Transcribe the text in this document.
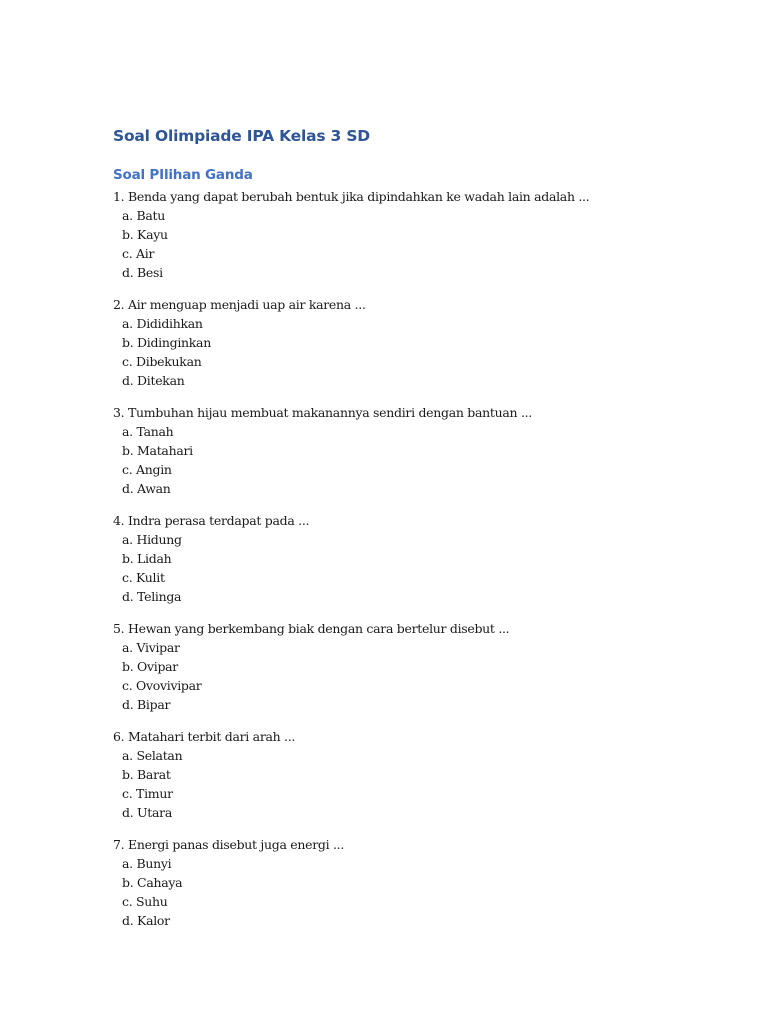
Soal Olimpiade IPA Kelas 3 SD
Soal PIlihan Ganda
1. Benda yang dapat berubah bentuk jika dipindahkan ke wadah lain adalah ...
a. Batu
b. Kayu
c. Air
d. Besi
2. Air menguap menjadi uap air karena ...
a. Dididihkan
b. Didinginkan
c. Dibekukan
d. Ditekan
3. Tumbuhan hijau membuat makanannya sendiri dengan bantuan ...
a. Tanah
b. Matahari
c. Angin
d. Awan
4. Indra perasa terdapat pada ...
a. Hidung
b. Lidah
c. Kulit
d. Telinga
5. Hewan yang berkembang biak dengan cara bertelur disebut ...
a. Vivipar
b. Ovipar
c. Ovovivipar
d. Bipar
6. Matahari terbit dari arah ...
a. Selatan
b. Barat
c. Timur
d. Utara
7. Energi panas disebut juga energi ...
a. Bunyi
b. Cahaya
c. Suhu
d. Kalor
